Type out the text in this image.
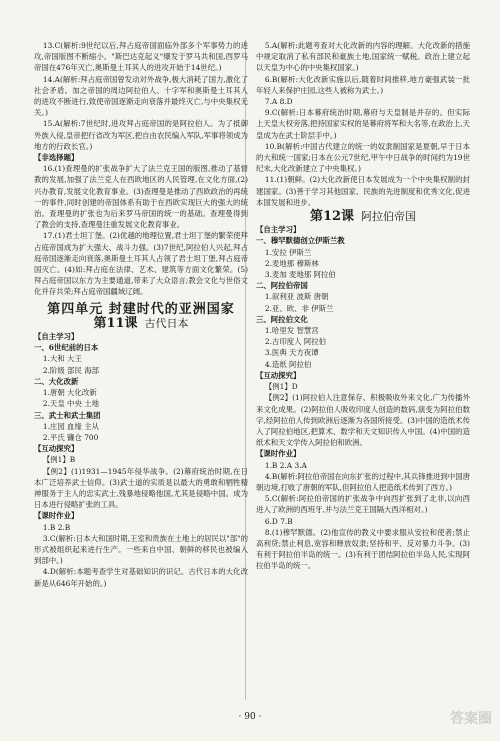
13.C(解析:9世纪以后,拜占庭帝国面临外部多个军事势力的进攻,帝国版图不断缩小。"斯巴达克起义"爆发于罗马共和国,西罗马帝国在476年灭亡,奥斯曼土耳其人的进攻开始于14世纪。)

14.A(解析:拜占庭帝国曾发动对外战争,极大消耗了国力,激化了社会矛盾。加之帝国的周边阿拉伯人、十字军和奥斯曼土耳其人的进攻不断进行,致使帝国逐渐走向衰落并最终灭亡,与中央集权无关。)

15.A(解析:7世纪时,进攻拜占庭帝国的是阿拉伯人。为了抵御外族入侵,皇帝把行省改为军区,把自由农民编入军队,军事将领成为地方的行政长官。)

【非选择题】

16.(1)查理曼的扩张战争扩大了法兰克王国的版图,推动了基督教的发展,加强了法兰克人在西欧地区的人民管理,在文化方面,(2)兴办教育,发展文化教育事业。(3)查理曼是推动了西欧政治的再统一的事件,同时创建的帝国体系有助于在西欧实现巨大的强大的统治。查理曼的扩张也为后来罗马帝国的统一的基础。查理曼得到了教会的支持,查理曼注重发展文化教育事业。

17.(1)君士坦丁堡。(2)优越的地理位置,君士坦丁堡的繁荣使拜占庭帝国成为扩大强大、战斗力强。(3)7世纪,阿拉伯人兴起,拜占庭帝国逐渐走向衰落,奥斯曼土耳其人占领了君士坦丁堡,拜占庭帝国灭亡。(4)如:拜占庭在法律、艺术、建筑等方面文化繁荣。(5)拜占庭帝国以东方为主要通道,带来了大众语言;教会文化与世俗文化并存共荣;拜占庭帝国疆域辽阔。

第四单元 封建时代的亚洲国家
第11课 古代日本
【自主学习】

一、6世纪前的日本

1.大和 大王

2.阶级 部民 海部

二、大化改新

1.唐朝 大化改新

2.天皇 中央 土地

三、武士和武士集团

1.庄园 血缘 主从

2.平氏 镰仓 700

【互动探究】

【例1】B

【例2】(1)1931—1945年侵华战争。(2)幕府统治时期,在日本广泛培养武士信仰。(3)武士道的实质是以最大的勇敢和牺牲精神服务于主人的忠实武士,残暴地侵略他国,尤其是侵略中国。成为日本进行侵略扩张的工具。

【课时作业】

1.B 2.B

3.C(解析:日本大和国时期,王室和贵族在土地上的居民以"部"的形式被组织起来进行生产。一些来自中国、朝鲜的移民也被编入到部中。)

4.D(解析:本题考查学生对基础知识的识记。古代日本的大化改新是从646年开始的。)

5.A(解析:此题考查对大化改新的内容的理解。大化改新的措施中规定取消了私有部民和豪族土地,国家统一赋税。政治上建立起以天皇为中心的中央集权国家。)

6.B(解析:大化改新实施以后,随着时间推移,地方豪强武装一批年轻人来保护庄园,这些人被称为武士。)

7.A 8.D

9.C(解析:日本幕府统治时期,幕府与天皇制是并存的。但实际上天皇大权旁落,把持国家实权的是幕府将军和大名等,在政治上,天皇成为在武士阶层手中。)

10.B(解析:中国古代建立的统一的奴隶制国家是夏朝,早于日本的大和统一国家;日本在公元7世纪,甲午中日战争的时间约为19世纪末,大化改新建立了中央集权。)

11.(1)朝鲜。(2)大化改新使日本发展成为一个中央集权制的封建国家。(3)善于学习其他国家、民族的先进制度和优秀文化,促进本国发展和进步。

第12课 阿拉伯帝国
【自主学习】

一、穆罕默德创立伊斯兰教

1.安拉 伊斯兰

2.麦地那 穆斯林

3.麦加 麦地那 阿拉伯

二、阿拉伯帝国

1.叙利亚 波斯 唐朝

2.亚、欧、非 伊斯兰

三、阿拉伯文化

1.哈里发 智慧宫

2.古印度人 阿拉伯

3.医典 天方夜谭

4.造纸 阿拉伯

【互动探究】

【例1】D

【例2】(1)阿拉伯人注意保存、积极吸收外来文化,广为传播外来文化成果。(2)阿拉伯人吸收印度人创造的数码,演变为阿拉伯数字,经阿拉伯人传到欧洲后逐渐为各国所接受。(3)中国的造纸术传入了阿拉伯地区,把算术、数学和天文知识传入中国。(4)中国的造纸术和天文学传入阿拉伯和欧洲。

【课时作业】

1.B 2.A 3.A

4.B(解析:阿拉伯帝国在向东扩张的过程中,其兵锋推进到中国唐朝边境,打败了唐朝的军队,但阿拉伯人把造纸术传到了西方。)

5.C(解析:阿拉伯帝国的扩张战争中向西扩张到了北非,以向西进入了欧洲的西班牙,并与法兰克王国隔大西洋相对。)

6.D 7.B

8.(1)穆罕默德。(2)他宣传的教义中要求服从安拉和使者;禁止高利贷;禁止利息,宽容和释放奴隶;坚持和平、反对暴力斗争。(3)有利于阿拉伯半岛的统一。(3)有利于团结阿拉伯半岛人民,实现阿拉伯半岛的统一。

· 90 ·	答案圈
